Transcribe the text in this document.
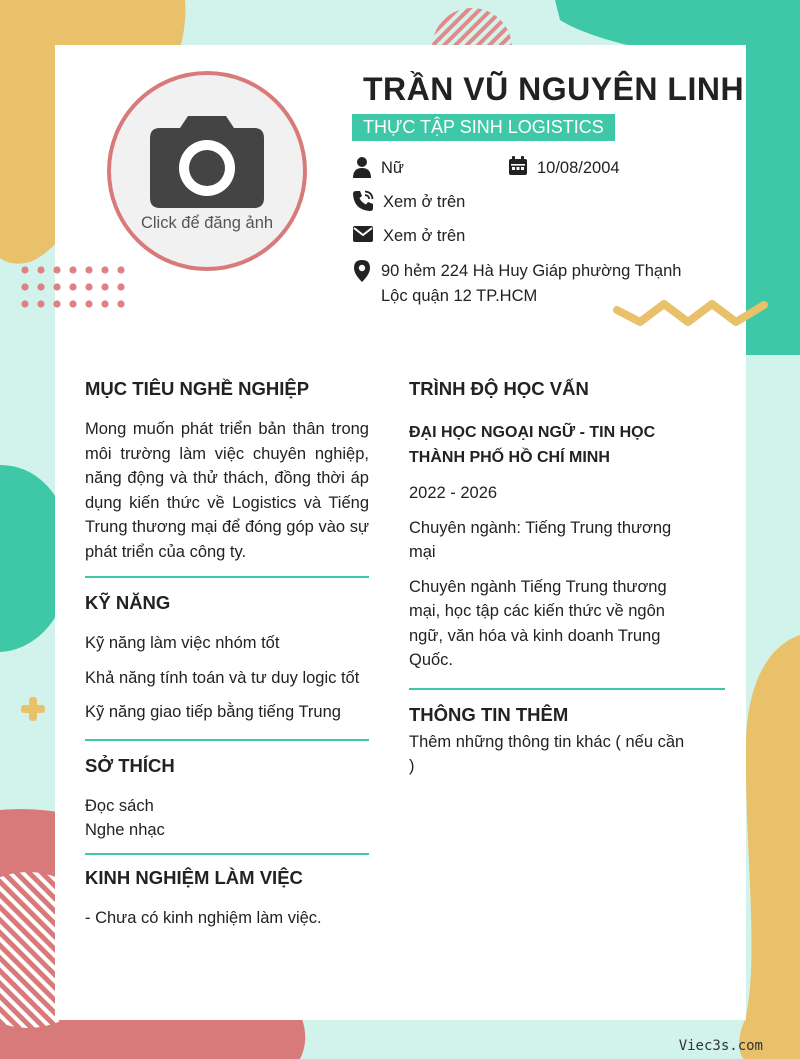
Click để đăng ảnh
TRẦN VŨ NGUYÊN LINH
THỰC TẬP SINH LOGISTICS
Nữ	10/08/2004
Xem ở trên
Xem ở trên
90 hẻm 224 Hà Huy Giáp phường Thạnh Lộc quận 12 TP.HCM
MỤC TIÊU NGHỀ NGHIỆP

Mong muốn phát triển bản thân trong môi trường làm việc chuyên nghiệp, năng động và thử thách, đồng thời áp dụng kiến thức về Logistics và Tiếng Trung thương mại để đóng góp vào sự phát triển của công ty.

KỸ NĂNG

Kỹ năng làm việc nhóm tốt

Khả năng tính toán và tư duy logic tốt

Kỹ năng giao tiếp bằng tiếng Trung

SỞ THÍCH

Đọc sách

Nghe nhạc

KINH NGHIỆM LÀM VIỆC

- Chưa có kinh nghiệm làm việc.

TRÌNH ĐỘ HỌC VẤN

ĐẠI HỌC NGOẠI NGỮ - TIN HỌC THÀNH PHỐ HỒ CHÍ MINH

2022 - 2026

Chuyên ngành: Tiếng Trung thương mại

Chuyên ngành Tiếng Trung thương mại, học tập các kiến thức về ngôn ngữ, văn hóa và kinh doanh Trung Quốc.

THÔNG TIN THÊM

Thêm những thông tin khác ( nếu cần )

Viec3s.com
